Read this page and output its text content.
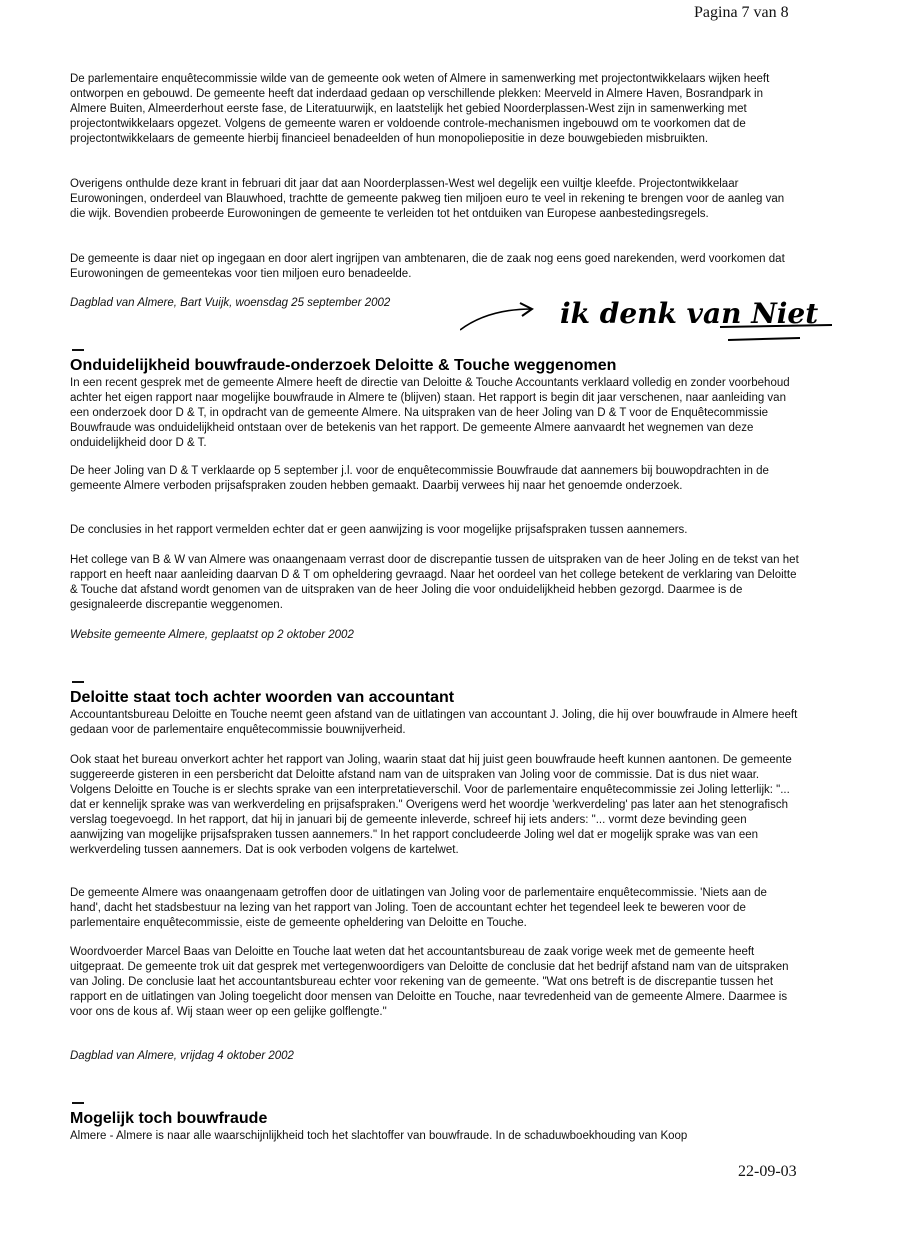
Pagina 7 van 8

De parlementaire enquêtecommissie wilde van de gemeente ook weten of Almere in samenwerking met projectontwikkelaars wijken heeft ontworpen en gebouwd. De gemeente heeft dat inderdaad gedaan op verschillende plekken: Meerveld in Almere Haven, Bosrandpark in Almere Buiten, Almeerderhout eerste fase, de Literatuurwijk, en laatstelijk het gebied Noorderplassen-West zijn in samenwerking met projectontwikkelaars opgezet. Volgens de gemeente waren er voldoende controle-mechanismen ingebouwd om te voorkomen dat de projectontwikkelaars de gemeente hierbij financieel benadeelden of hun monopoliepositie in deze bouwgebieden misbruikten.

Overigens onthulde deze krant in februari dit jaar dat aan Noorderplassen-West wel degelijk een vuiltje kleefde. Projectontwikkelaar Eurowoningen, onderdeel van Blauwhoed, trachtte de gemeente pakweg tien miljoen euro te veel in rekening te brengen voor de aanleg van die wijk. Bovendien probeerde Eurowoningen de gemeente te verleiden tot het ontduiken van Europese aanbestedingsregels.

De gemeente is daar niet op ingegaan en door alert ingrijpen van ambtenaren, die de zaak nog eens goed narekenden, werd voorkomen dat Eurowoningen de gemeentekas voor tien miljoen euro benadeelde.

Dagblad van Almere, Bart Vuijk, woensdag 25 september 2002	ik denk van Niet
Onduidelijkheid bouwfraude-onderzoek Deloitte & Touche weggenomen

In een recent gesprek met de gemeente Almere heeft de directie van Deloitte & Touche Accountants verklaard volledig en zonder voorbehoud achter het eigen rapport naar mogelijke bouwfraude in Almere te (blijven) staan. Het rapport is begin dit jaar verschenen, naar aanleiding van een onderzoek door D & T, in opdracht van de gemeente Almere. Na uitspraken van de heer Joling van D & T voor de Enquêtecommissie Bouwfraude was onduidelijkheid ontstaan over de betekenis van het rapport. De gemeente Almere aanvaardt het wegnemen van deze onduidelijkheid door D & T.

De heer Joling van D & T verklaarde op 5 september j.l. voor de enquêtecommissie Bouwfraude dat aannemers bij bouwopdrachten in de gemeente Almere verboden prijsafspraken zouden hebben gemaakt. Daarbij verwees hij naar het genoemde onderzoek.

De conclusies in het rapport vermelden echter dat er geen aanwijzing is voor mogelijke prijsafspraken tussen aannemers.

Het college van B & W van Almere was onaangenaam verrast door de discrepantie tussen de uitspraken van de heer Joling en de tekst van het rapport en heeft naar aanleiding daarvan D & T om opheldering gevraagd. Naar het oordeel van het college betekent de verklaring van Deloitte & Touche dat afstand wordt genomen van de uitspraken van de heer Joling die voor onduidelijkheid hebben gezorgd. Daarmee is de gesignaleerde discrepantie weggenomen.

Website gemeente Almere, geplaatst op 2 oktober 2002

Deloitte staat toch achter woorden van accountant

Accountantsbureau Deloitte en Touche neemt geen afstand van de uitlatingen van accountant J. Joling, die hij over bouwfraude in Almere heeft gedaan voor de parlementaire enquêtecommissie bouwnijverheid.

Ook staat het bureau onverkort achter het rapport van Joling, waarin staat dat hij juist geen bouwfraude heeft kunnen aantonen. De gemeente suggereerde gisteren in een persbericht dat Deloitte afstand nam van de uitspraken van Joling voor de commissie. Dat is dus niet waar. Volgens Deloitte en Touche is er slechts sprake van een interpretatieverschil. Voor de parlementaire enquêtecommissie zei Joling letterlijk: "... dat er kennelijk sprake was van werkverdeling en prijsafspraken." Overigens werd het woordje 'werkverdeling' pas later aan het stenografisch verslag toegevoegd. In het rapport, dat hij in januari bij de gemeente inleverde, schreef hij iets anders: "... vormt deze bevinding geen aanwijzing van mogelijke prijsafspraken tussen aannemers." In het rapport concludeerde Joling wel dat er mogelijk sprake was van een werkverdeling tussen aannemers. Dat is ook verboden volgens de kartelwet.

De gemeente Almere was onaangenaam getroffen door de uitlatingen van Joling voor de parlementaire enquêtecommissie. 'Niets aan de hand', dacht het stadsbestuur na lezing van het rapport van Joling. Toen de accountant echter het tegendeel leek te beweren voor de parlementaire enquêtecommissie, eiste de gemeente opheldering van Deloitte en Touche.

Woordvoerder Marcel Baas van Deloitte en Touche laat weten dat het accountantsbureau de zaak vorige week met de gemeente heeft uitgepraat. De gemeente trok uit dat gesprek met vertegenwoordigers van Deloitte de conclusie dat het bedrijf afstand nam van de uitspraken van Joling. De conclusie laat het accountantsbureau echter voor rekening van de gemeente. "Wat ons betreft is de discrepantie tussen het rapport en de uitlatingen van Joling toegelicht door mensen van Deloitte en Touche, naar tevredenheid van de gemeente Almere. Daarmee is voor ons de kous af. Wij staan weer op een gelijke golflengte."

Dagblad van Almere, vrijdag 4 oktober 2002

Mogelijk toch bouwfraude

Almere - Almere is naar alle waarschijnlijkheid toch het slachtoffer van bouwfraude. In de schaduwboekhouding van Koop

22-09-03
